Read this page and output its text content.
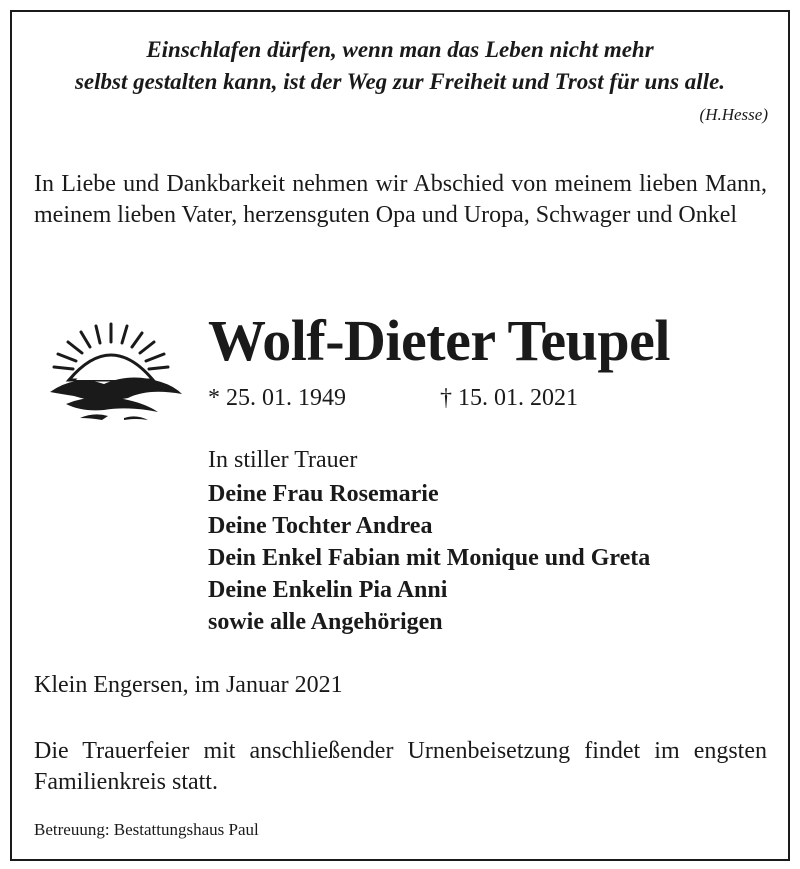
Einschlafen dürfen, wenn man das Leben nicht mehr
selbst gestalten kann, ist der Weg zur Freiheit und Trost für uns alle.
(H.Hesse)
In Liebe und Dankbarkeit nehmen wir Abschied von meinem lieben Mann, meinem lieben Vater, herzensguten Opa und Uropa, Schwager und Onkel
Wolf-Dieter Teupel
* 25. 01. 1949	† 15. 01. 2021
In stiller Trauer
Deine Frau Rosemarie
Deine Tochter Andrea
Dein Enkel Fabian mit Monique und Greta
Deine Enkelin Pia Anni
sowie alle Angehörigen
Klein Engersen, im Januar 2021
Die Trauerfeier mit anschließender Urnenbeisetzung findet im engsten Familienkreis statt.
Betreuung: Bestattungshaus Paul
